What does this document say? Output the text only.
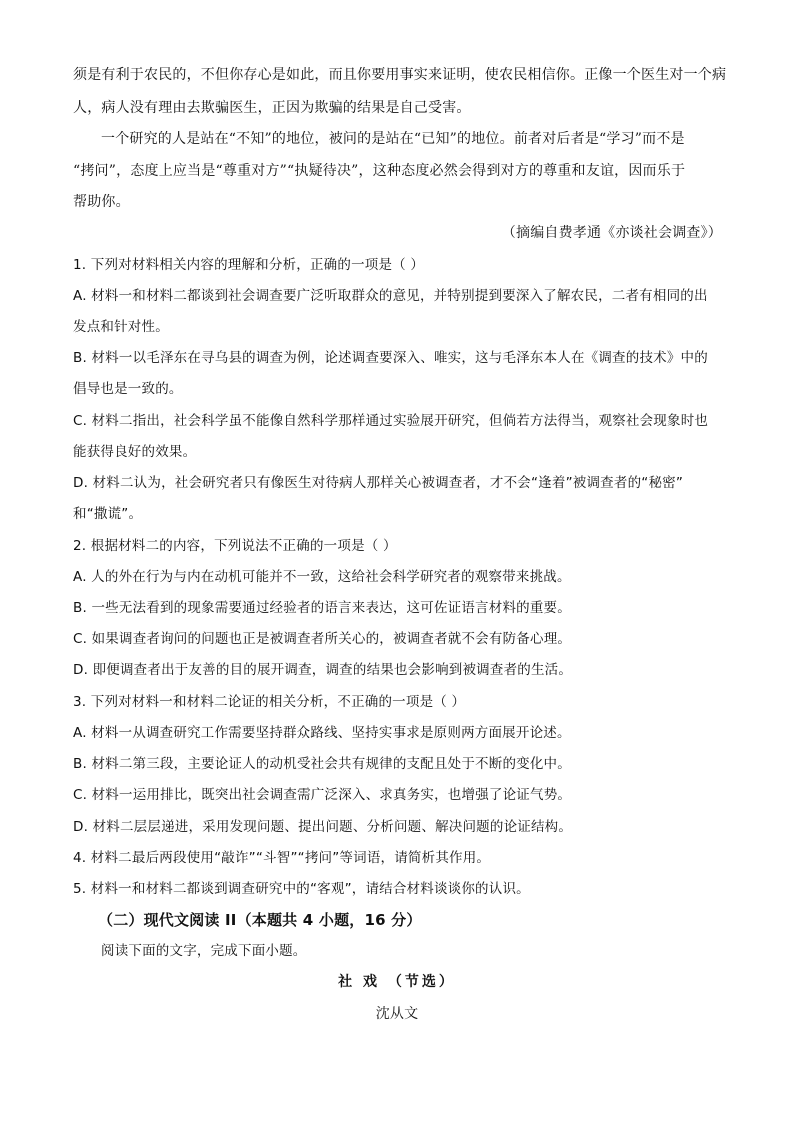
须是有利于农民的，不但你存心是如此，而且你要用事实来证明，使农民相信你。正像一个医生对一个病
人，病人没有理由去欺骗医生，正因为欺骗的结果是自己受害。
一个研究的人是站在“不知”的地位，被问的是站在“已知”的地位。前者对后者是“学习”而不是
“拷问”，态度上应当是“尊重对方”“执疑待决”，这种态度必然会得到对方的尊重和友谊，因而乐于
帮助你。
（摘编自费孝通《亦谈社会调查》）
1. 下列对材料相关内容的理解和分析，正确的一项是（ ）
A. 材料一和材料二都谈到社会调查要广泛听取群众的意见，并特别提到要深入了解农民，二者有相同的出
发点和针对性。
B. 材料一以毛泽东在寻乌县的调查为例，论述调查要深入、唯实，这与毛泽东本人在《调查的技术》中的
倡导也是一致的。
C. 材料二指出，社会科学虽不能像自然科学那样通过实验展开研究，但倘若方法得当，观察社会现象时也
能获得良好的效果。
D. 材料二认为，社会研究者只有像医生对待病人那样关心被调查者，才不会“逢着”被调查者的“秘密”
和“撒谎”。
2. 根据材料二的内容，下列说法不正确的一项是（ ）
A. 人的外在行为与内在动机可能并不一致，这给社会科学研究者的观察带来挑战。
B. 一些无法看到的现象需要通过经验者的语言来表达，这可佐证语言材料的重要。
C. 如果调查者询问的问题也正是被调查者所关心的，被调查者就不会有防备心理。
D. 即便调查者出于友善的目的展开调查，调查的结果也会影响到被调查者的生活。
3. 下列对材料一和材料二论证的相关分析，不正确的一项是（ ）
A. 材料一从调查研究工作需要坚持群众路线、坚持实事求是原则两方面展开论述。
B. 材料二第三段，主要论证人的动机受社会共有规律的支配且处于不断的变化中。
C. 材料一运用排比，既突出社会调查需广泛深入、求真务实，也增强了论证气势。
D. 材料二层层递进，采用发现问题、提出问题、分析问题、解决问题的论证结构。
4. 材料二最后两段使用“敲诈”“斗智”“拷问”等词语，请简析其作用。
5. 材料一和材料二都谈到调查研究中的“客观”，请结合材料谈谈你的认识。
（二）现代文阅读 II（本题共 4 小题，16 分）
阅读下面的文字，完成下面小题。
社 戏 （节选）
沈从文
